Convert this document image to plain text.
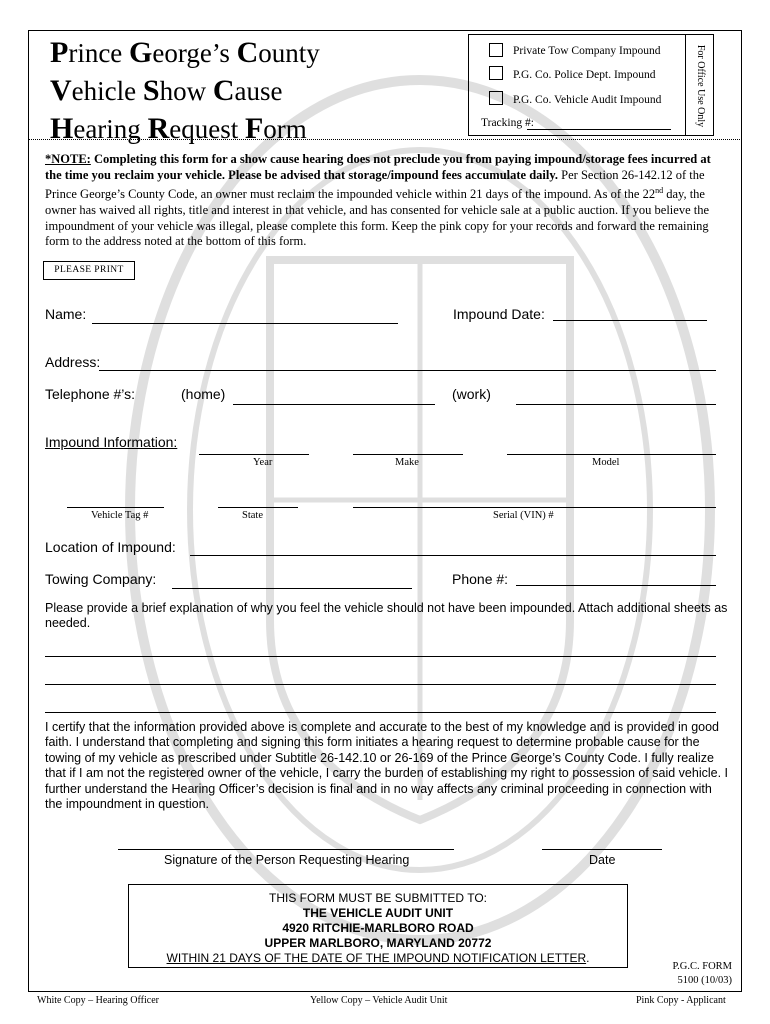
Prince George’s County
Vehicle Show Cause
Hearing Request Form
Private Tow Company Impound
P.G. Co. Police Dept. Impound
P.G. Co. Vehicle Audit Impound
Tracking #:	For Office Use Only
*NOTE: Completing this form for a show cause hearing does not preclude you from paying impound/storage fees incurred at the time you reclaim your vehicle. Please be advised that storage/impound fees accumulate daily. Per Section 26-142.12 of the Prince George’s County Code, an owner must reclaim the impounded vehicle within 21 days of the impound. As of the 22nd day, the owner has waived all rights, title and interest in that vehicle, and has consented for vehicle sale at a public auction. If you believe the impoundment of your vehicle was illegal, please complete this form. Keep the pink copy for your records and forward the remaining form to the address noted at the bottom of this form.
PLEASE PRINT
Name:	Impound Date:
Address:
Telephone #’s:	(home)	(work)
Impound Information:
Year	Make	Model
Vehicle Tag #	State	Serial (VIN) #
Location of Impound:
Towing Company:	Phone #:
Please provide a brief explanation of why you feel the vehicle should not have been impounded. Attach additional sheets as needed.
I certify that the information provided above is complete and accurate to the best of my knowledge and is provided in good faith. I understand that completing and signing this form initiates a hearing request to determine probable cause for the towing of my vehicle as prescribed under Subtitle 26-142.10 or 26-169 of the Prince George’s County Code. I fully realize that if I am not the registered owner of the vehicle, I carry the burden of establishing my right to possession of said vehicle. I further understand the Hearing Officer’s decision is final and in no way affects any criminal proceeding in connection with the impoundment in question.
Signature of the Person Requesting Hearing	Date
THIS FORM MUST BE SUBMITTED TO:
THE VEHICLE AUDIT UNIT
4920 RITCHIE-MARLBORO ROAD
UPPER MARLBORO, MARYLAND 20772
WITHIN 21 DAYS OF THE DATE OF THE IMPOUND NOTIFICATION LETTER.
P.G.C. FORM
5100 (10/03)
White Copy – Hearing Officer	Yellow Copy – Vehicle Audit Unit	Pink Copy - Applicant
